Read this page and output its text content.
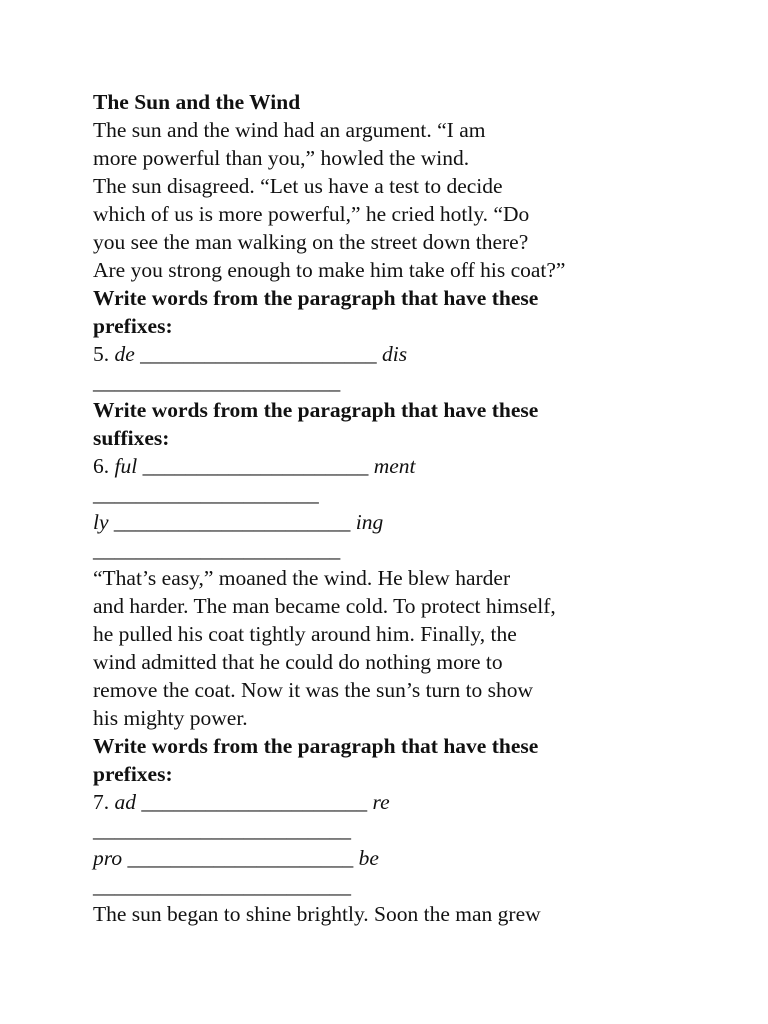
The Sun and the Wind
The sun and the wind had an argument. “I am
more powerful than you,” howled the wind.
The sun disagreed. “Let us have a test to decide
which of us is more powerful,” he cried hotly. “Do
you see the man walking on the street down there?
Are you strong enough to make him take off his coat?”
Write words from the paragraph that have these
prefixes:
5. de ______________________ dis
_______________________
Write words from the paragraph that have these
suffixes:
6. ful _____________________ ment
_____________________
ly ______________________ ing
_______________________
“That’s easy,” moaned the wind. He blew harder
and harder. The man became cold. To protect himself,
he pulled his coat tightly around him. Finally, the
wind admitted that he could do nothing more to
remove the coat. Now it was the sun’s turn to show
his mighty power.
Write words from the paragraph that have these
prefixes:
7. ad _____________________ re
________________________
pro _____________________ be
________________________
The sun began to shine brightly. Soon the man grew
